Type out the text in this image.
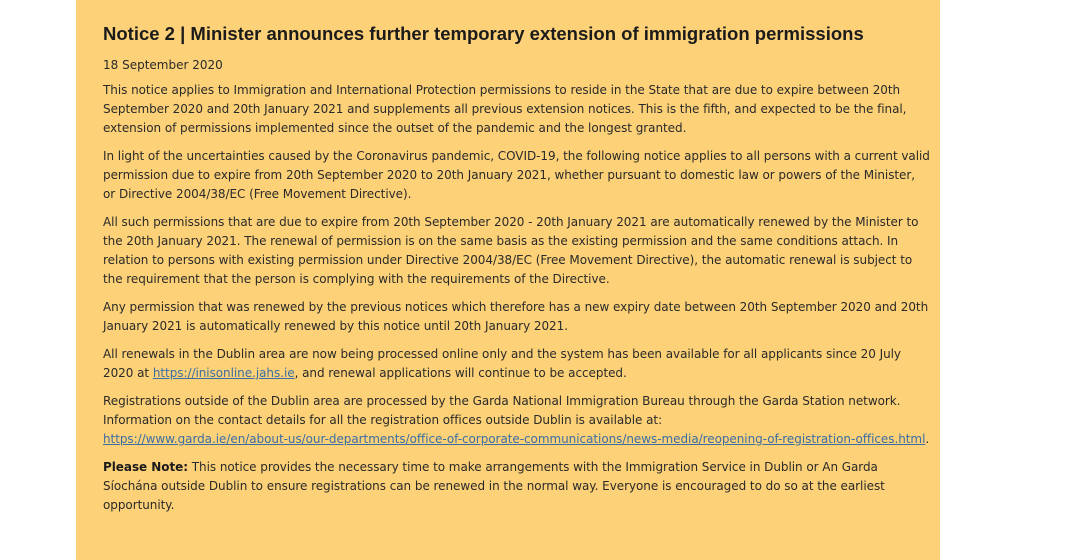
Notice 2 | Minister announces further temporary extension of immigration permissions
18 September 2020

This notice applies to Immigration and International Protection permissions to reside in the State that are due to expire between 20th September 2020 and 20th January 2021 and supplements all previous extension notices. This is the fifth, and expected to be the final, extension of permissions implemented since the outset of the pandemic and the longest granted.

In light of the uncertainties caused by the Coronavirus pandemic, COVID-19, the following notice applies to all persons with a current valid permission due to expire from 20th September 2020 to 20th January 2021, whether pursuant to domestic law or powers of the Minister, or Directive 2004/38/EC (Free Movement Directive).

All such permissions that are due to expire from 20th September 2020 - 20th January 2021 are automatically renewed by the Minister to the 20th January 2021. The renewal of permission is on the same basis as the existing permission and the same conditions attach. In relation to persons with existing permission under Directive 2004/38/EC (Free Movement Directive), the automatic renewal is subject to the requirement that the person is complying with the requirements of the Directive.

Any permission that was renewed by the previous notices which therefore has a new expiry date between 20th September 2020 and 20th January 2021 is automatically renewed by this notice until 20th January 2021.

All renewals in the Dublin area are now being processed online only and the system has been available for all applicants since 20 July 2020 at https://inisonline.jahs.ie, and renewal applications will continue to be accepted.

Registrations outside of the Dublin area are processed by the Garda National Immigration Bureau through the Garda Station network. Information on the contact details for all the registration offices outside Dublin is available at:
https://www.garda.ie/en/about-us/our-departments/office-of-corporate-communications/news-media/reopening-of-registration-offices.html.

Please Note: This notice provides the necessary time to make arrangements with the Immigration Service in Dublin or An Garda Síochána outside Dublin to ensure registrations can be renewed in the normal way. Everyone is encouraged to do so at the earliest opportunity.
